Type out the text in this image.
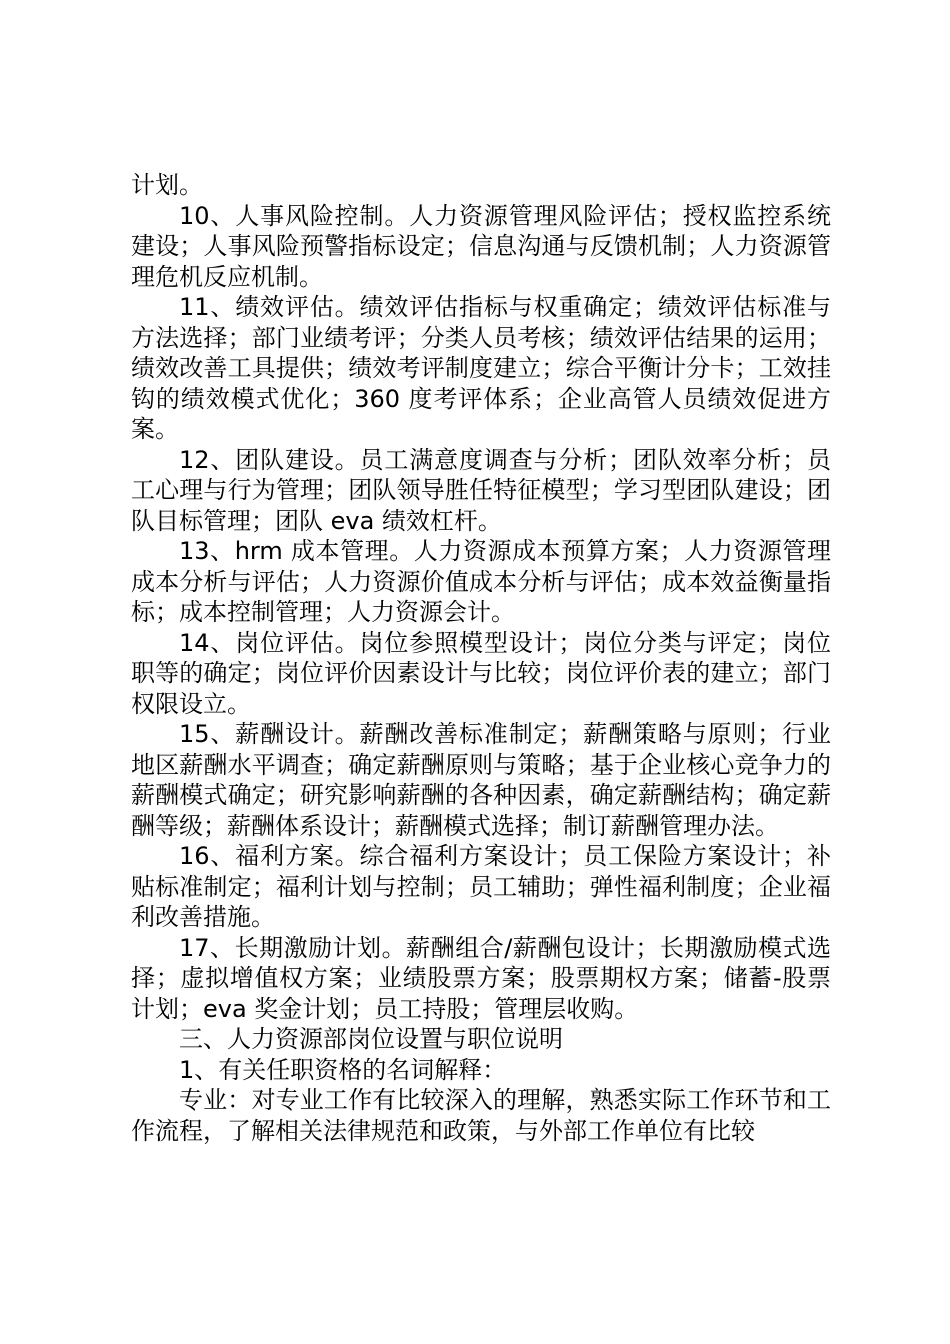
计划。

10、人事风险控制。人力资源管理风险评估；授权监控系统建设；人事风险预警指标设定；信息沟通与反馈机制；人力资源管理危机反应机制。

11、绩效评估。绩效评估指标与权重确定；绩效评估标准与方法选择；部门业绩考评；分类人员考核；绩效评估结果的运用；绩效改善工具提供；绩效考评制度建立；综合平衡计分卡；工效挂钩的绩效模式优化；360 度考评体系；企业高管人员绩效促进方案。

12、团队建设。员工满意度调查与分析；团队效率分析；员工心理与行为管理；团队领导胜任特征模型；学习型团队建设；团队目标管理；团队 eva 绩效杠杆。

13、hrm 成本管理。人力资源成本预算方案；人力资源管理成本分析与评估；人力资源价值成本分析与评估；成本效益衡量指标；成本控制管理；人力资源会计。

14、岗位评估。岗位参照模型设计；岗位分类与评定；岗位职等的确定；岗位评价因素设计与比较；岗位评价表的建立；部门权限设立。

15、薪酬设计。薪酬改善标准制定；薪酬策略与原则；行业地区薪酬水平调查；确定薪酬原则与策略；基于企业核心竞争力的薪酬模式确定；研究影响薪酬的各种因素，确定薪酬结构；确定薪酬等级；薪酬体系设计；薪酬模式选择；制订薪酬管理办法。

16、福利方案。综合福利方案设计；员工保险方案设计；补贴标准制定；福利计划与控制；员工辅助；弹性福利制度；企业福利改善措施。

17、长期激励计划。薪酬组合/薪酬包设计；长期激励模式选择；虚拟增值权方案；业绩股票方案；股票期权方案；储蓄-股票计划；eva 奖金计划；员工持股；管理层收购。

三、人力资源部岗位设置与职位说明

1、有关任职资格的名词解释：

专业：对专业工作有比较深入的理解，熟悉实际工作环节和工作流程，了解相关法律规范和政策，与外部工作单位有比较
